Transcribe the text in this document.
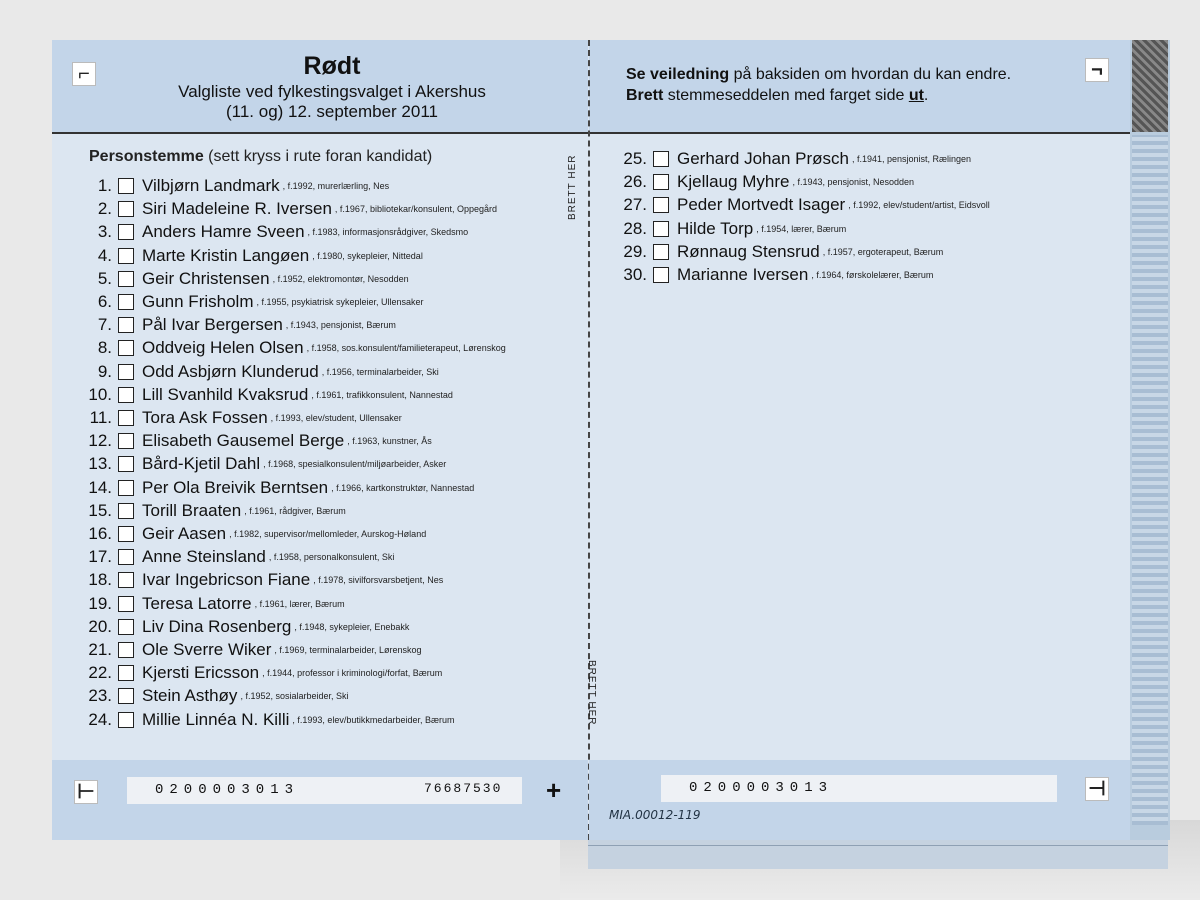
⌐	¬
Rødt
Valgliste ved fylkestingsvalget i Akershus
(11. og) 12. september 2011
Se veiledning på baksiden om hvordan du kan endre.
Brett stemmeseddelen med farget side ut.
Personstemme (sett kryss i rute foran kandidat)
1. Vilbjørn Landmark , f.1992, murerlærling, Nes
2. Siri Madeleine R. Iversen , f.1967, bibliotekar/konsulent, Oppegård
3. Anders Hamre Sveen , f.1983, informasjonsrådgiver, Skedsmo
4. Marte Kristin Langøen , f.1980, sykepleier, Nittedal
5. Geir Christensen , f.1952, elektromontør, Nesodden
6. Gunn Frisholm , f.1955, psykiatrisk sykepleier, Ullensaker
7. Pål Ivar Bergersen , f.1943, pensjonist, Bærum
8. Oddveig Helen Olsen , f.1958, sos.konsulent/familieterapeut, Lørenskog
9. Odd Asbjørn Klunderud , f.1956, terminalarbeider, Ski
10. Lill Svanhild Kvaksrud , f.1961, trafikkonsulent, Nannestad
11. Tora Ask Fossen , f.1993, elev/student, Ullensaker
12. Elisabeth Gausemel Berge , f.1963, kunstner, Ås
13. Bård-Kjetil Dahl , f.1968, spesialkonsulent/miljøarbeider, Asker
14. Per Ola Breivik Berntsen , f.1966, kartkonstruktør, Nannestad
15. Torill Braaten , f.1961, rådgiver, Bærum
16. Geir Aasen , f.1982, supervisor/mellomleder, Aurskog-Høland
17. Anne Steinsland , f.1958, personalkonsulent, Ski
18. Ivar Ingebricson Fiane , f.1978, sivilforsvarsbetjent, Nes
19. Teresa Latorre , f.1961, lærer, Bærum
20. Liv Dina Rosenberg , f.1948, sykepleier, Enebakk
21. Ole Sverre Wiker , f.1969, terminalarbeider, Lørenskog
22. Kjersti Ericsson , f.1944, professor i kriminologi/forfat, Bærum
23. Stein Asthøy , f.1952, sosialarbeider, Ski
24. Millie Linnéa N. Killi , f.1993, elev/butikkmedarbeider, Bærum
25. Gerhard Johan Prøsch , f.1941, pensjonist, Rælingen
26. Kjellaug Myhre , f.1943, pensjonist, Nesodden
27. Peder Mortvedt Isager , f.1992, elev/student/artist, Eidsvoll
28. Hilde Torp , f.1954, lærer, Bærum
29. Rønnaug Stensrud , f.1957, ergoterapeut, Bærum
30. Marianne Iversen , f.1964, førskolelærer, Bærum
BRETT HER
BRETT HER
⊢	0200003013	76687530 +	0200003013	⊣
MIA.00012-119
